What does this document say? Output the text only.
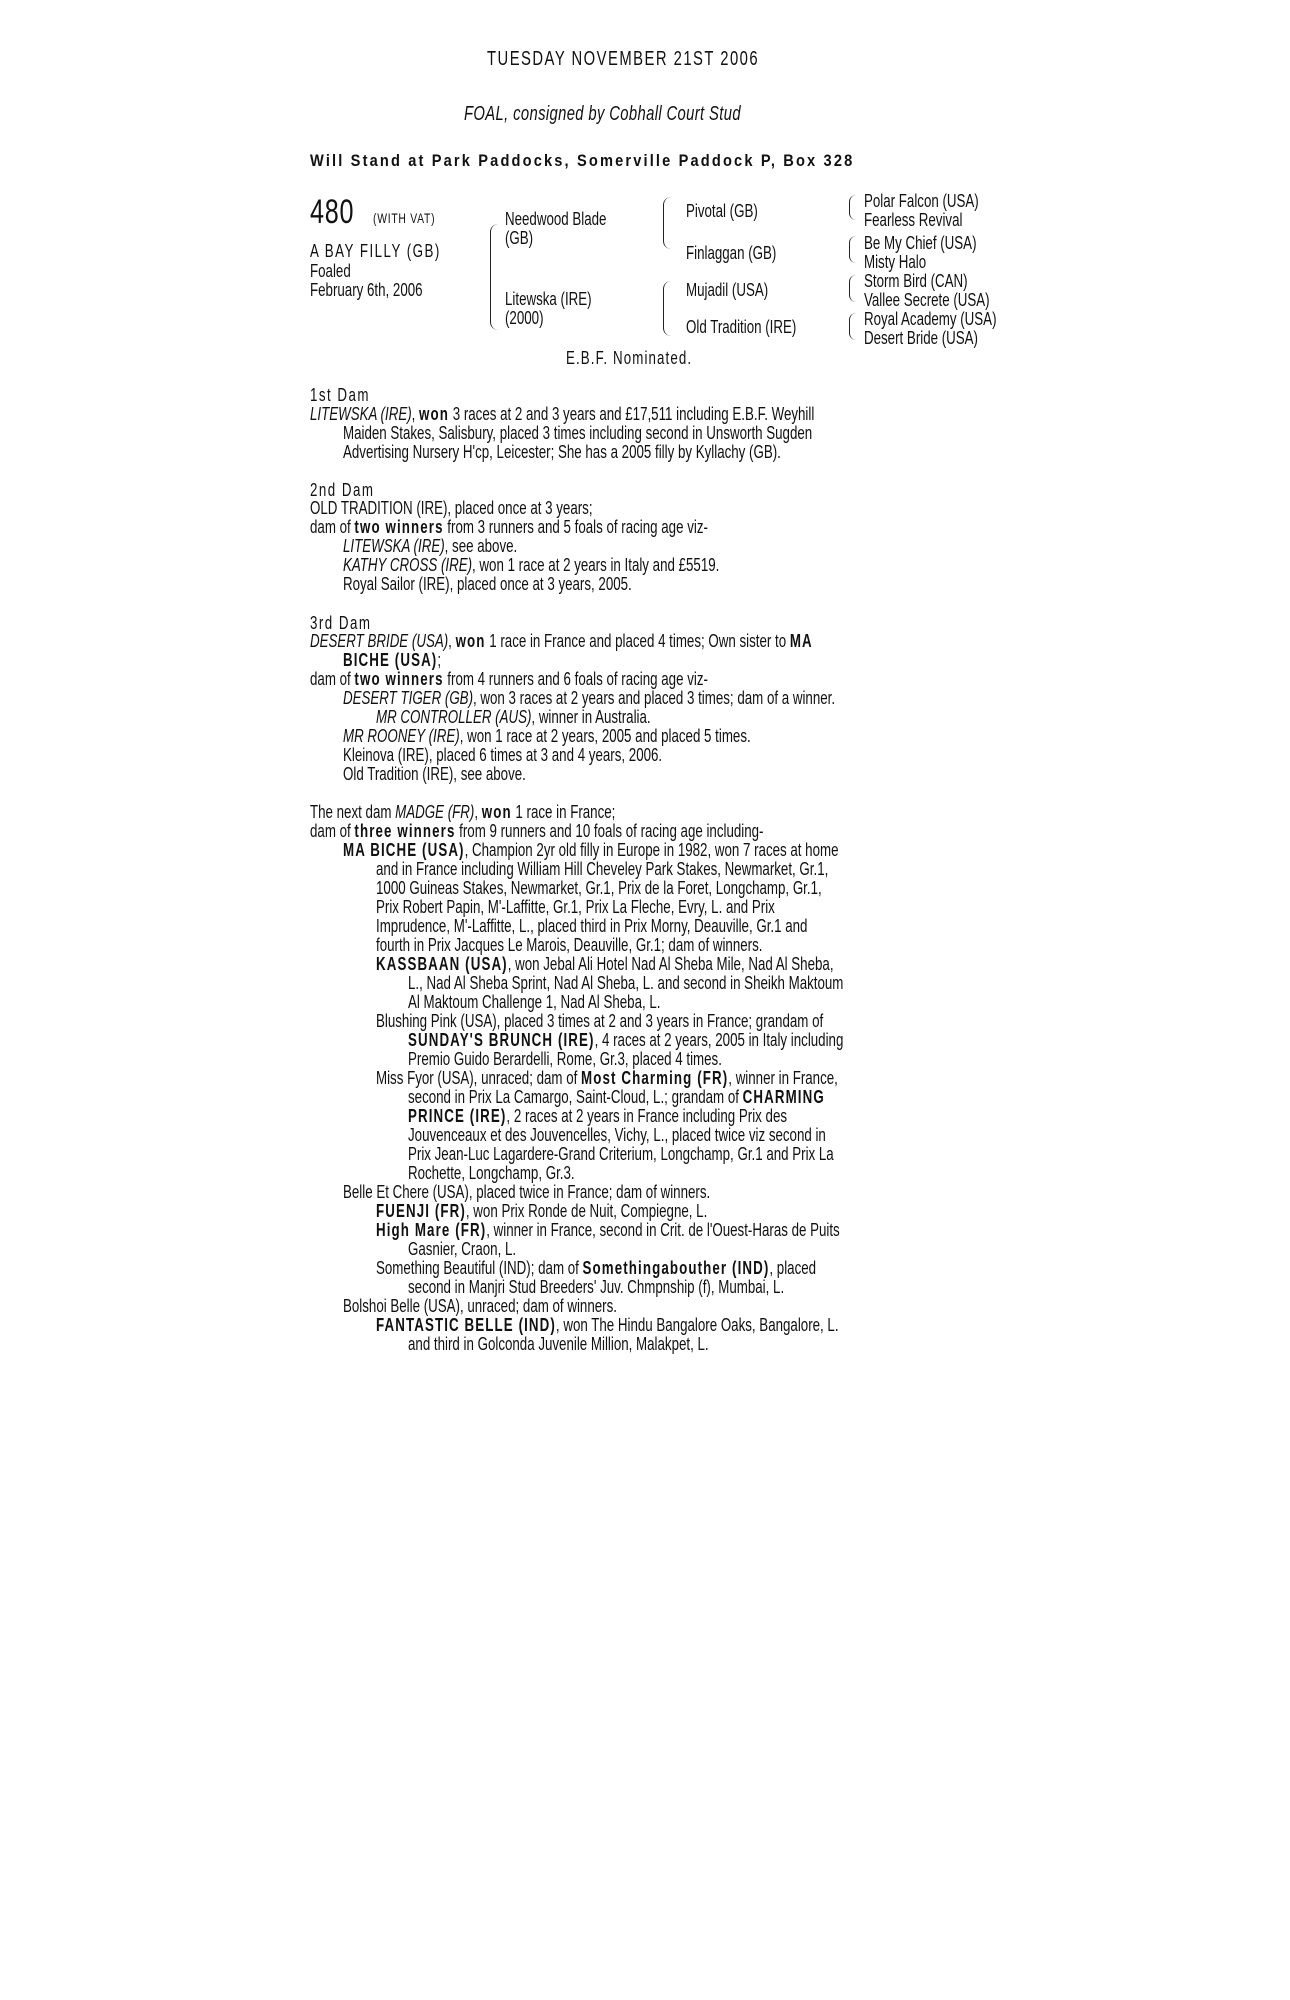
TUESDAY NOVEMBER 21ST 2006
FOAL, consigned by Cobhall Court Stud
Will Stand at Park Paddocks, Somerville Paddock P, Box 328
480 (WITH VAT)
A BAY FILLY (GB)
Foaled
February 6th, 2006
Needwood Blade
(GB)
Litewska (IRE)
(2000)
Pivotal (GB)
Finlaggan (GB)
Mujadil (USA)
Old Tradition (IRE)
Polar Falcon (USA)
Fearless Revival
Be My Chief (USA)
Misty Halo
Storm Bird (CAN)
Vallee Secrete (USA)
Royal Academy (USA)
Desert Bride (USA)
E.B.F. Nominated.
1st Dam
LITEWSKA (IRE), won 3 races at 2 and 3 years and £17,511 including E.B.F. Weyhill
Maiden Stakes, Salisbury, placed 3 times including second in Unsworth Sugden
Advertising Nursery H'cp, Leicester; She has a 2005 filly by Kyllachy (GB).
2nd Dam
OLD TRADITION (IRE), placed once at 3 years;
dam of two winners from 3 runners and 5 foals of racing age viz-
LITEWSKA (IRE), see above.
KATHY CROSS (IRE), won 1 race at 2 years in Italy and £5519.
Royal Sailor (IRE), placed once at 3 years, 2005.
3rd Dam
DESERT BRIDE (USA), won 1 race in France and placed 4 times; Own sister to MA
BICHE (USA);
dam of two winners from 4 runners and 6 foals of racing age viz-
DESERT TIGER (GB), won 3 races at 2 years and placed 3 times; dam of a winner.
MR CONTROLLER (AUS), winner in Australia.
MR ROONEY (IRE), won 1 race at 2 years, 2005 and placed 5 times.
Kleinova (IRE), placed 6 times at 3 and 4 years, 2006.
Old Tradition (IRE), see above.
The next dam MADGE (FR), won 1 race in France;
dam of three winners from 9 runners and 10 foals of racing age including-
MA BICHE (USA), Champion 2yr old filly in Europe in 1982, won 7 races at home
and in France including William Hill Cheveley Park Stakes, Newmarket, Gr.1,
1000 Guineas Stakes, Newmarket, Gr.1, Prix de la Foret, Longchamp, Gr.1,
Prix Robert Papin, M'-Laffitte, Gr.1, Prix La Fleche, Evry, L. and Prix
Imprudence, M'-Laffitte, L., placed third in Prix Morny, Deauville, Gr.1 and
fourth in Prix Jacques Le Marois, Deauville, Gr.1; dam of winners.
KASSBAAN (USA), won Jebal Ali Hotel Nad Al Sheba Mile, Nad Al Sheba,
L., Nad Al Sheba Sprint, Nad Al Sheba, L. and second in Sheikh Maktoum
Al Maktoum Challenge 1, Nad Al Sheba, L.
Blushing Pink (USA), placed 3 times at 2 and 3 years in France; grandam of
SUNDAY'S BRUNCH (IRE), 4 races at 2 years, 2005 in Italy including
Premio Guido Berardelli, Rome, Gr.3, placed 4 times.
Miss Fyor (USA), unraced; dam of Most Charming (FR), winner in France,
second in Prix La Camargo, Saint-Cloud, L.; grandam of CHARMING
PRINCE (IRE), 2 races at 2 years in France including Prix des
Jouvenceaux et des Jouvencelles, Vichy, L., placed twice viz second in
Prix Jean-Luc Lagardere-Grand Criterium, Longchamp, Gr.1 and Prix La
Rochette, Longchamp, Gr.3.
Belle Et Chere (USA), placed twice in France; dam of winners.
FUENJI (FR), won Prix Ronde de Nuit, Compiegne, L.
High Mare (FR), winner in France, second in Crit. de l'Ouest-Haras de Puits
Gasnier, Craon, L.
Something Beautiful (IND); dam of Somethingabouther (IND), placed
second in Manjri Stud Breeders' Juv. Chmpnship (f), Mumbai, L.
Bolshoi Belle (USA), unraced; dam of winners.
FANTASTIC BELLE (IND), won The Hindu Bangalore Oaks, Bangalore, L.
and third in Golconda Juvenile Million, Malakpet, L.
